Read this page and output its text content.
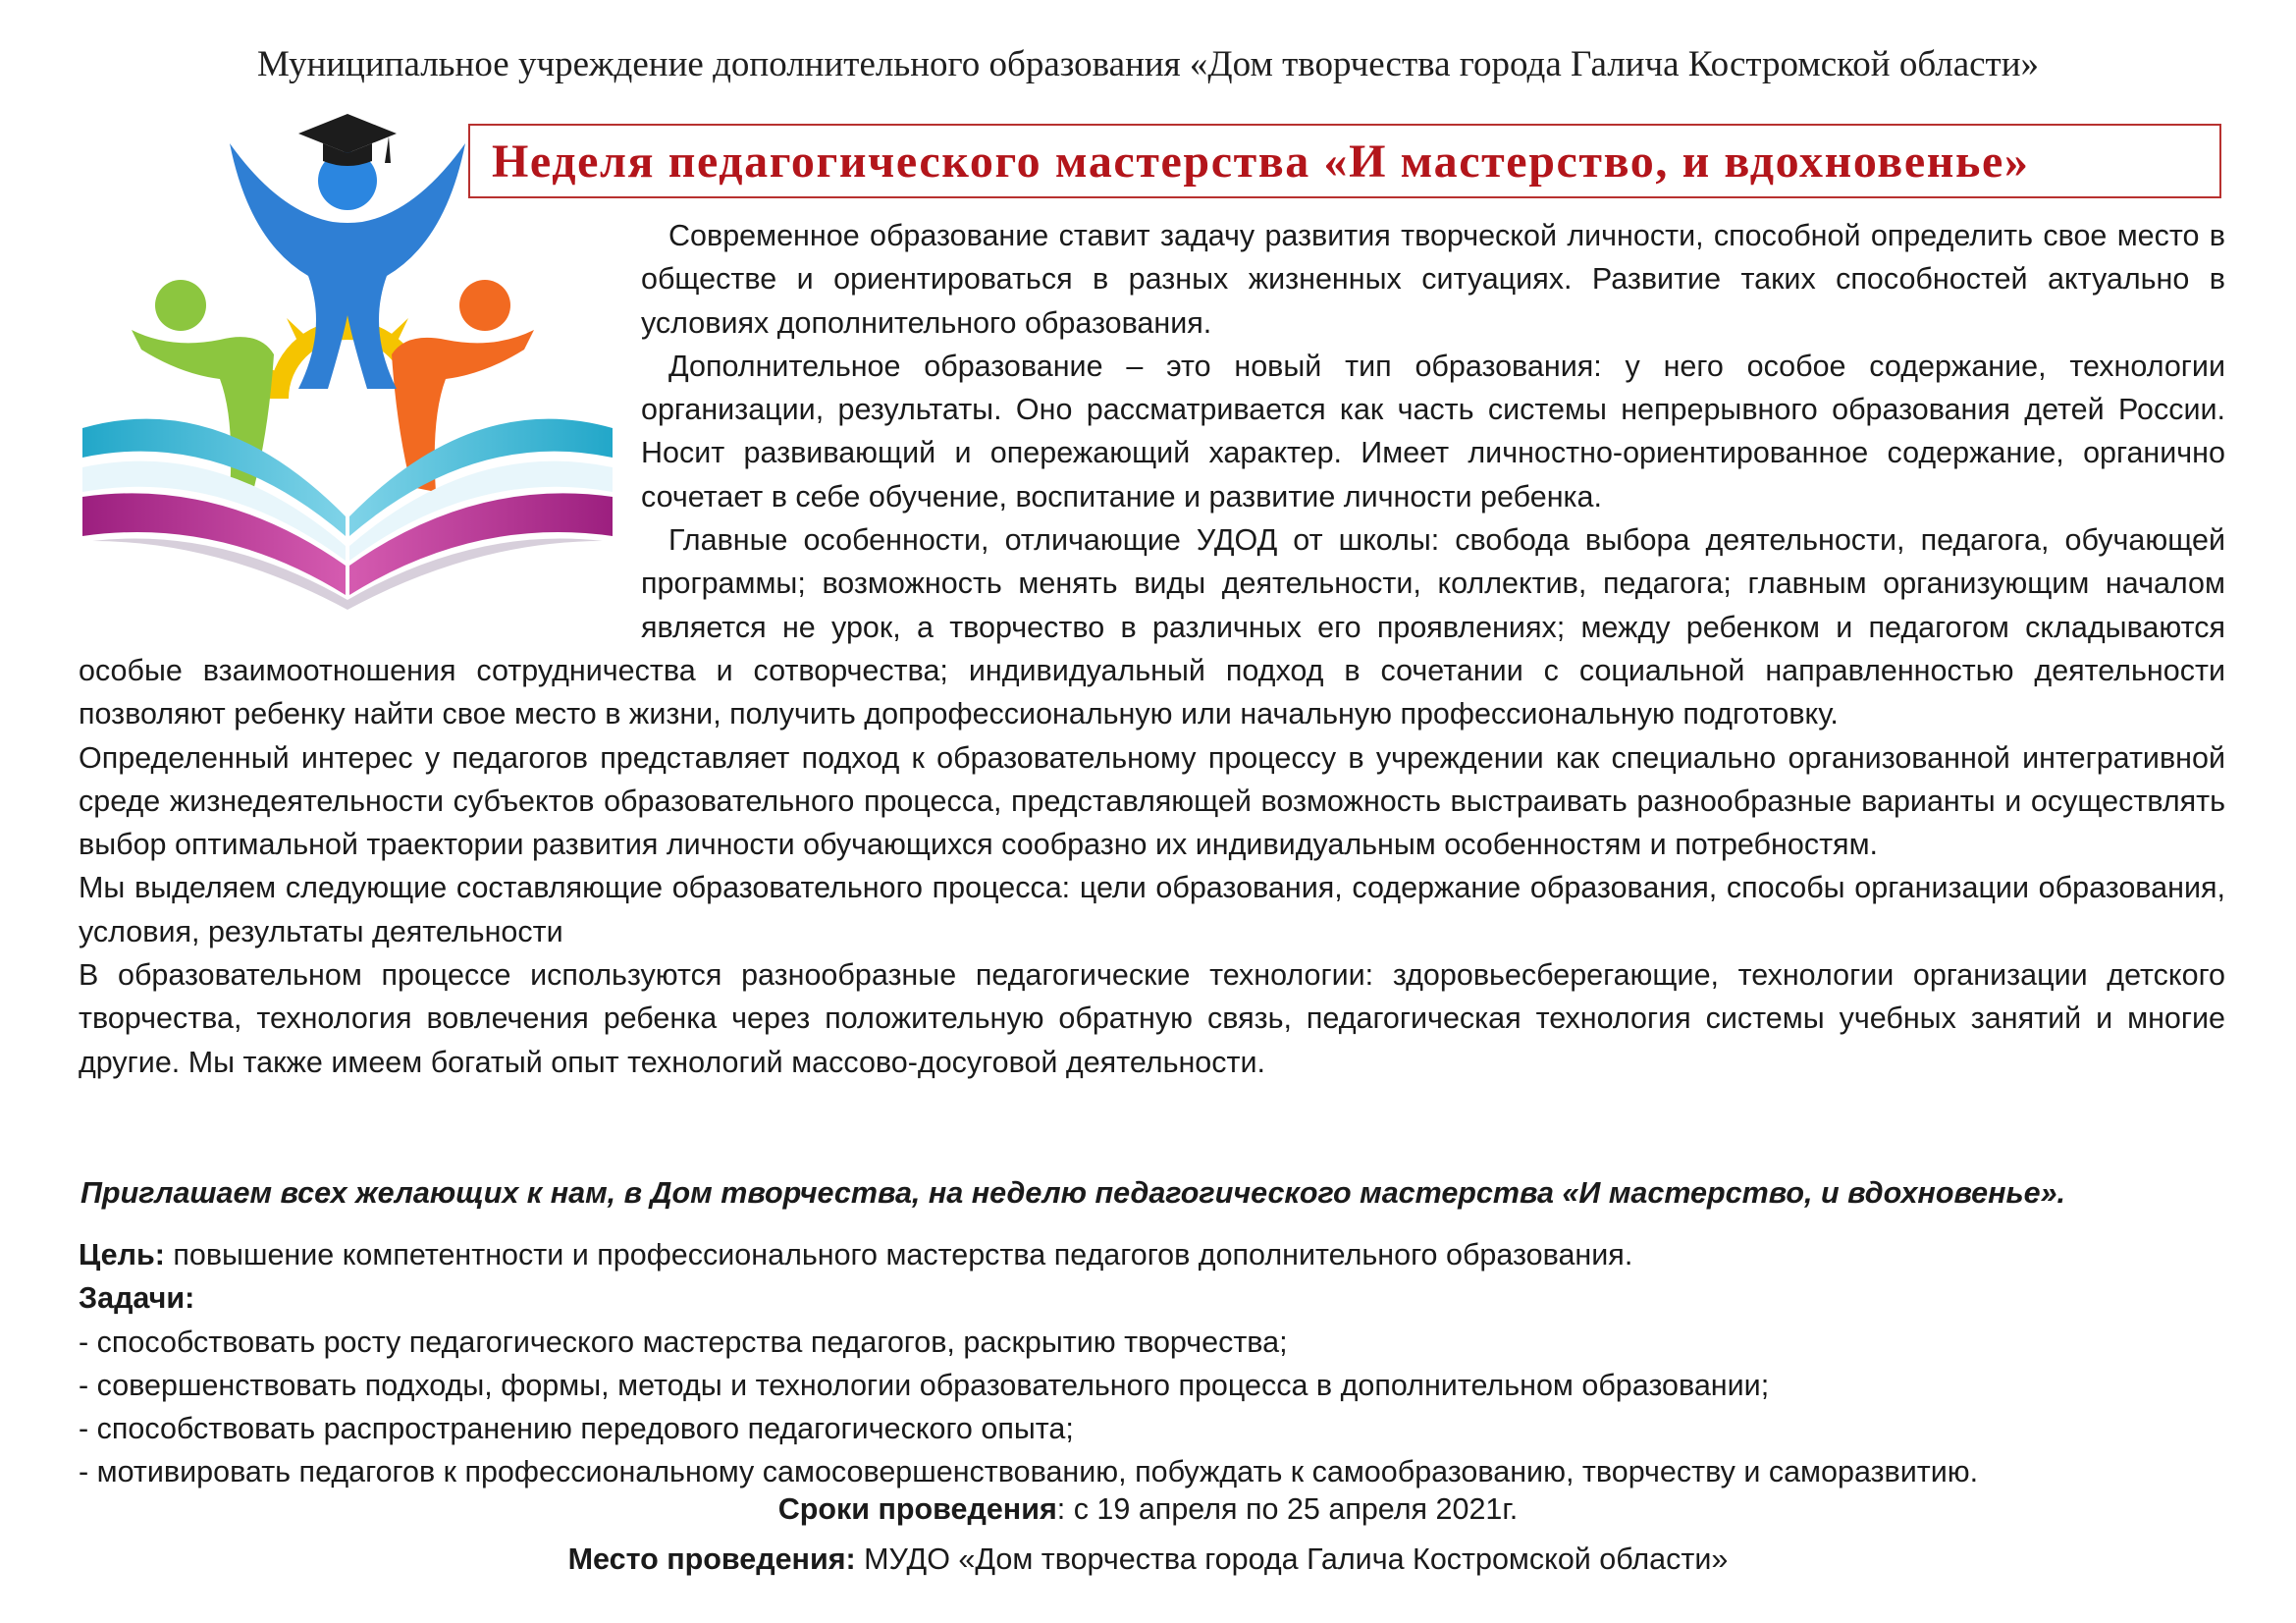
Муниципальное учреждение дополнительного образования «Дом творчества города Галича Костромской области»
Неделя педагогического мастерства «И мастерство, и вдохновенье»

Современное образование ставит задачу развития творческой личности, способной определить свое место в обществе и ориентироваться в разных жизненных ситуациях. Развитие таких способностей актуально в условиях дополнительного образования.

Дополнительное образование – это новый тип образования: у него особое содержание, технологии организации, результаты. Оно рассматривается как часть системы непрерывного образования детей России. Носит развивающий и опережающий характер. Имеет личностно-ориентированное содержание, органично сочетает в себе обучение, воспитание и развитие личности ребенка.

Главные особенности, отличающие УДОД от школы: свобода выбора деятельности, педагога, обучающей программы; возможность менять виды деятельности, коллектив, педагога; главным организующим началом является не урок, а творчество в различных его проявлениях; между ребенком и педагогом складываются особые взаимоотношения сотрудничества и сотворчества; индивидуальный подход в сочетании с социальной направленностью деятельности позволяют ребенку найти свое место в жизни, получить допрофессиональную или начальную профессиональную подготовку.

Определенный интерес у педагогов представляет подход к образовательному процессу в учреждении как специально организованной интегративной среде жизнедеятельности субъектов образовательного процесса, представляющей возможность выстраивать разнообразные варианты и осуществлять выбор оптимальной траектории развития личности обучающихся сообразно их индивидуальным особенностям и потребностям.

Мы выделяем следующие составляющие образовательного процесса: цели образования, содержание образования, способы организации образования, условия, результаты деятельности

В образовательном процессе используются разнообразные педагогические технологии: здоровьесберегающие, технологии организации детского творчества, технология вовлечения ребенка через положительную обратную связь, педагогическая технология системы учебных занятий и многие другие. Мы также имеем богатый опыт технологий массово-досуговой деятельности.

Приглашаем всех желающих к нам, в Дом творчества, на неделю педагогического мастерства «И мастерство, и вдохновенье».

Цель: повышение компетентности и профессионального мастерства педагогов дополнительного образования.

Задачи:

- способствовать росту педагогического мастерства педагогов, раскрытию творчества;

- совершенствовать подходы, формы, методы и технологии образовательного процесса в дополнительном образовании;

- способствовать распространению передового педагогического опыта;

- мотивировать педагогов к профессиональному самосовершенствованию, побуждать к самообразованию, творчеству и саморазвитию.

Сроки проведения: с 19 апреля по 25 апреля 2021г.
Место проведения: МУДО «Дом творчества города Галича Костромской области»
